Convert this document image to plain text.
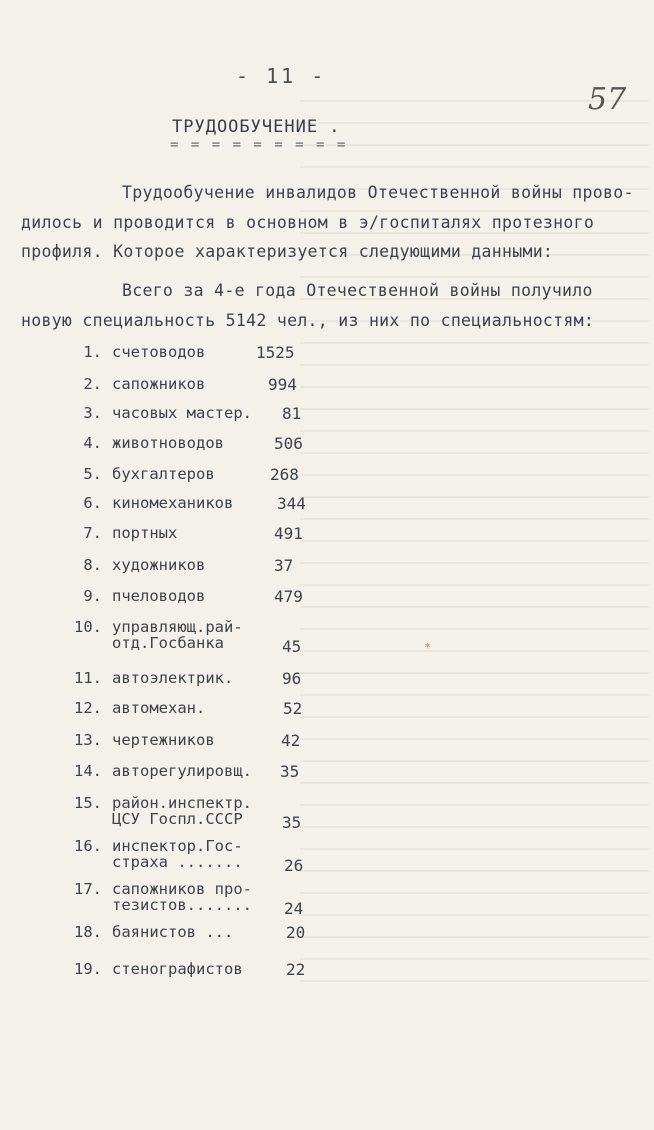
- 11 -
57
ТРУДООБУЧЕНИЕ .
= = = = = = = = =
Трудообучение инвалидов Отечественной войны прово-
дилось и проводится в основном в э/госпиталях протезного
профиля. Которое характеризуется следующими данными:
Всего за 4-е года Отечественной войны получило
новую специальность 5142 чел., из них по специальностям:
1. счетоводов	1525
2. сапожников	994
3. часовых мастер. 81
4. животноводов	506
5. бухгалтеров	268
6. киномехаников	344
7. портных	491
8. художников	37
9. пчеловодов	479
10. управляющ.рай-
отд.Госбанка	45
11. автоэлектрик.	96
12. автомехан.	52
13. чертежников	42
14. авторегулировщ. 35
15. район.инспектр.
ЦСУ Госпл.СССР	35
16. инспектор.Гос-
страха .......	26
17. сапожников про-
тезистов....... 24
18. баянистов ...	20
19. стенографистов	22
✶
